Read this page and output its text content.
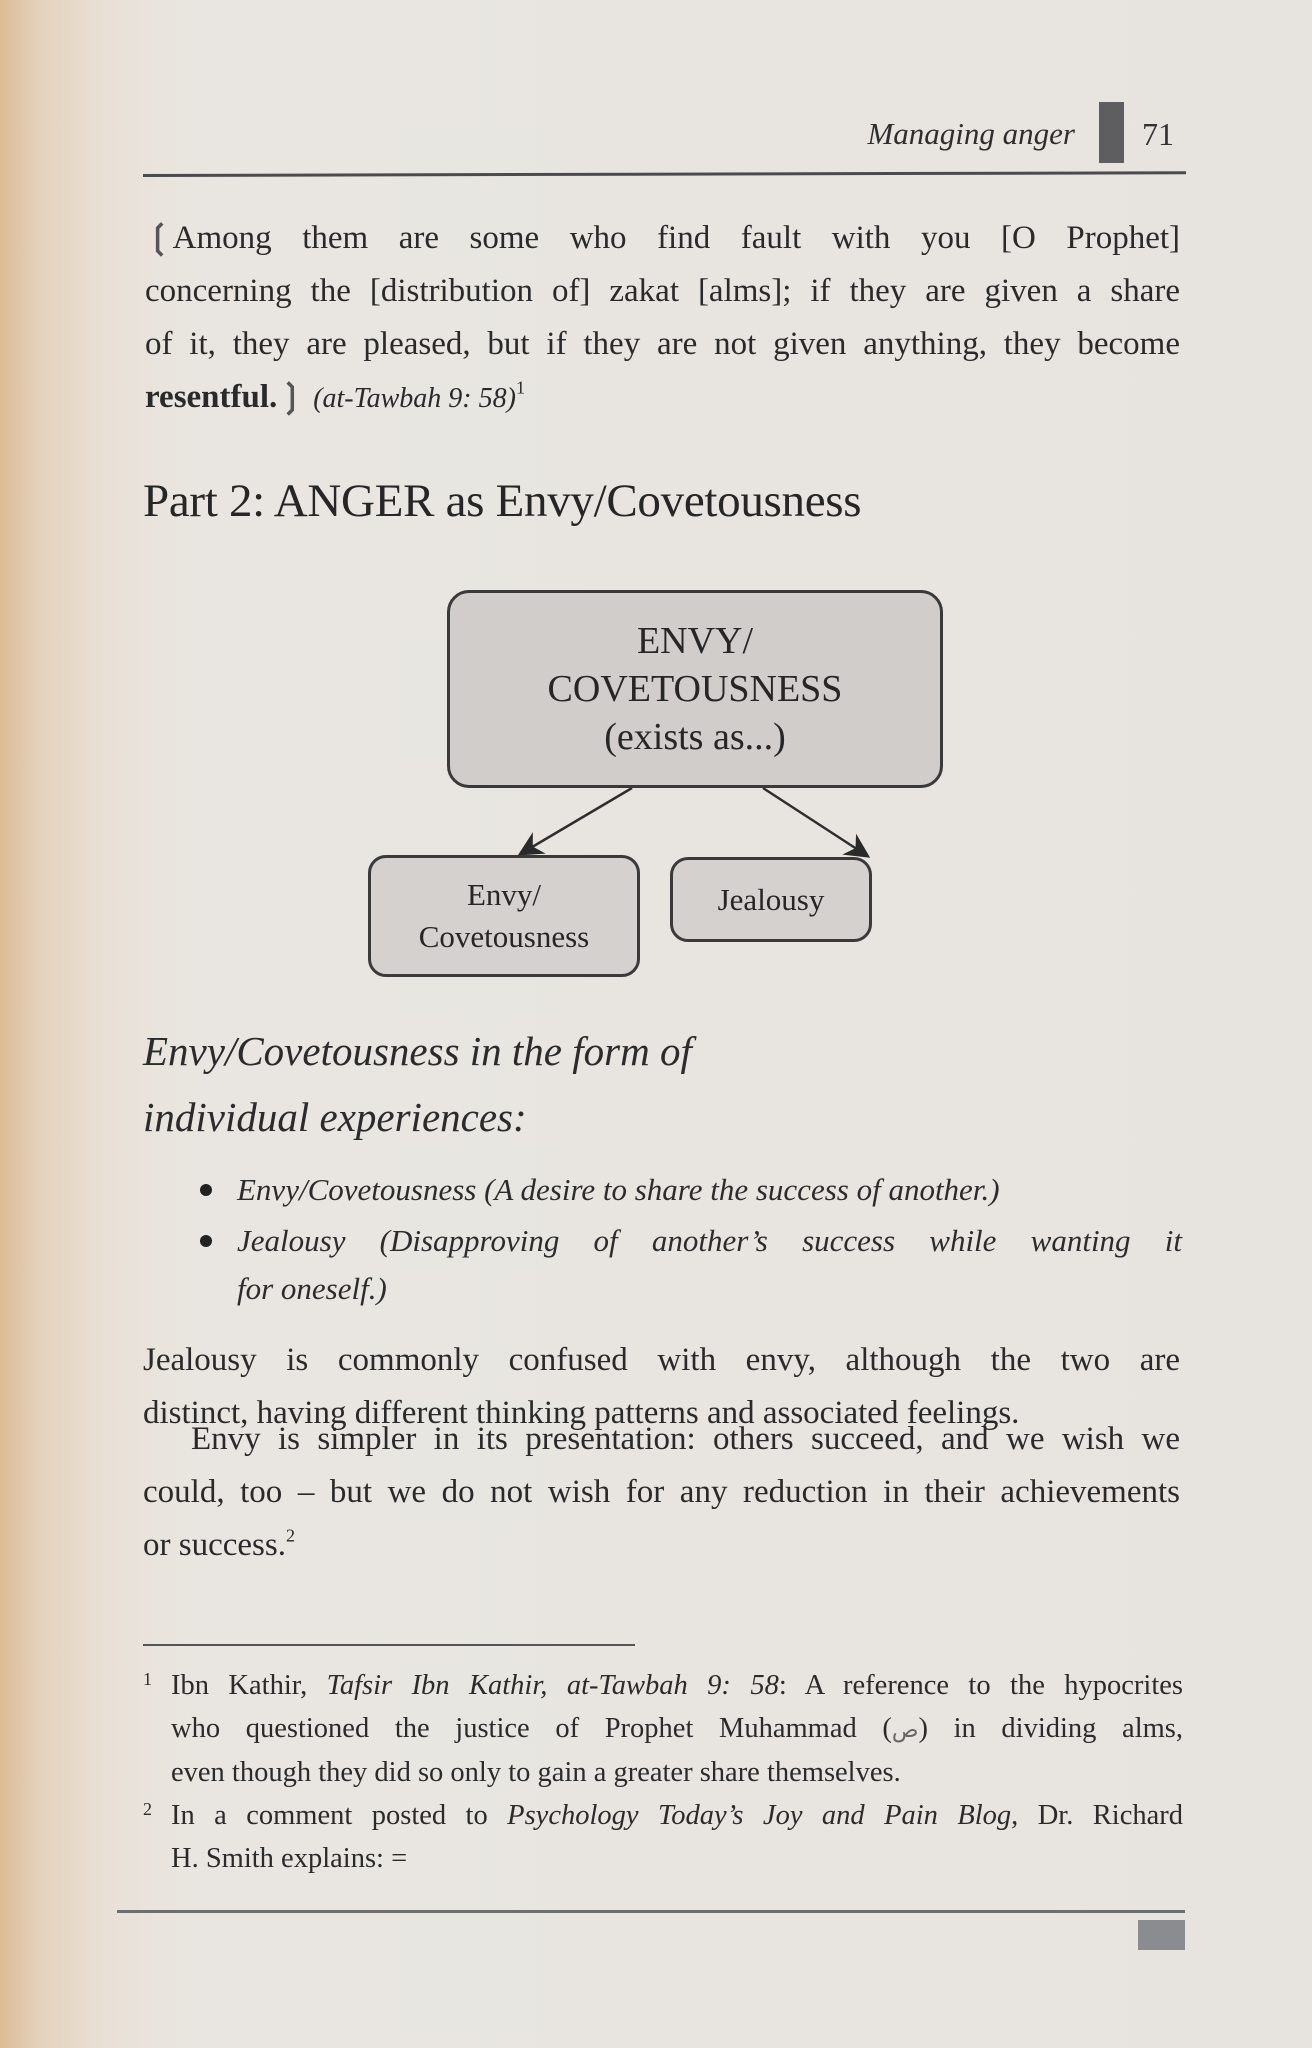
Managing anger 71
❲Among them are some who find fault with you [O Prophet]
concerning the [distribution of] zakat [alms]; if they are given a share
of it, they are pleased, but if they are not given anything, they become
resentful.❳ (at-Tawbah 9: 58)$^1$
Part 2: ANGER as Envy/Covetousness
ENVY/
COVETOUSNESS
(exists as...)
Envy/
Covetousness
Jealousy
Envy/Covetousness in the form of
individual experiences:
Envy/Covetousness (A desire to share the success of another.)
Jealousy (Disapproving of another’s success while wanting it
for oneself.)
Jealousy is commonly confused with envy, although the two are
distinct, having different thinking patterns and associated feelings.
Envy is simpler in its presentation: others succeed, and we wish we
could, too – but we do not wish for any reduction in their achievements
or success.$^2$
1 Ibn Kathir, Tafsir Ibn Kathir, at-Tawbah 9: 58: A reference to the hypocrites
who questioned the justice of Prophet Muhammad (ص) in dividing alms,
even though they did so only to gain a greater share themselves.
2 In a comment posted to Psychology Today’s Joy and Pain Blog, Dr. Richard
H. Smith explains: =
